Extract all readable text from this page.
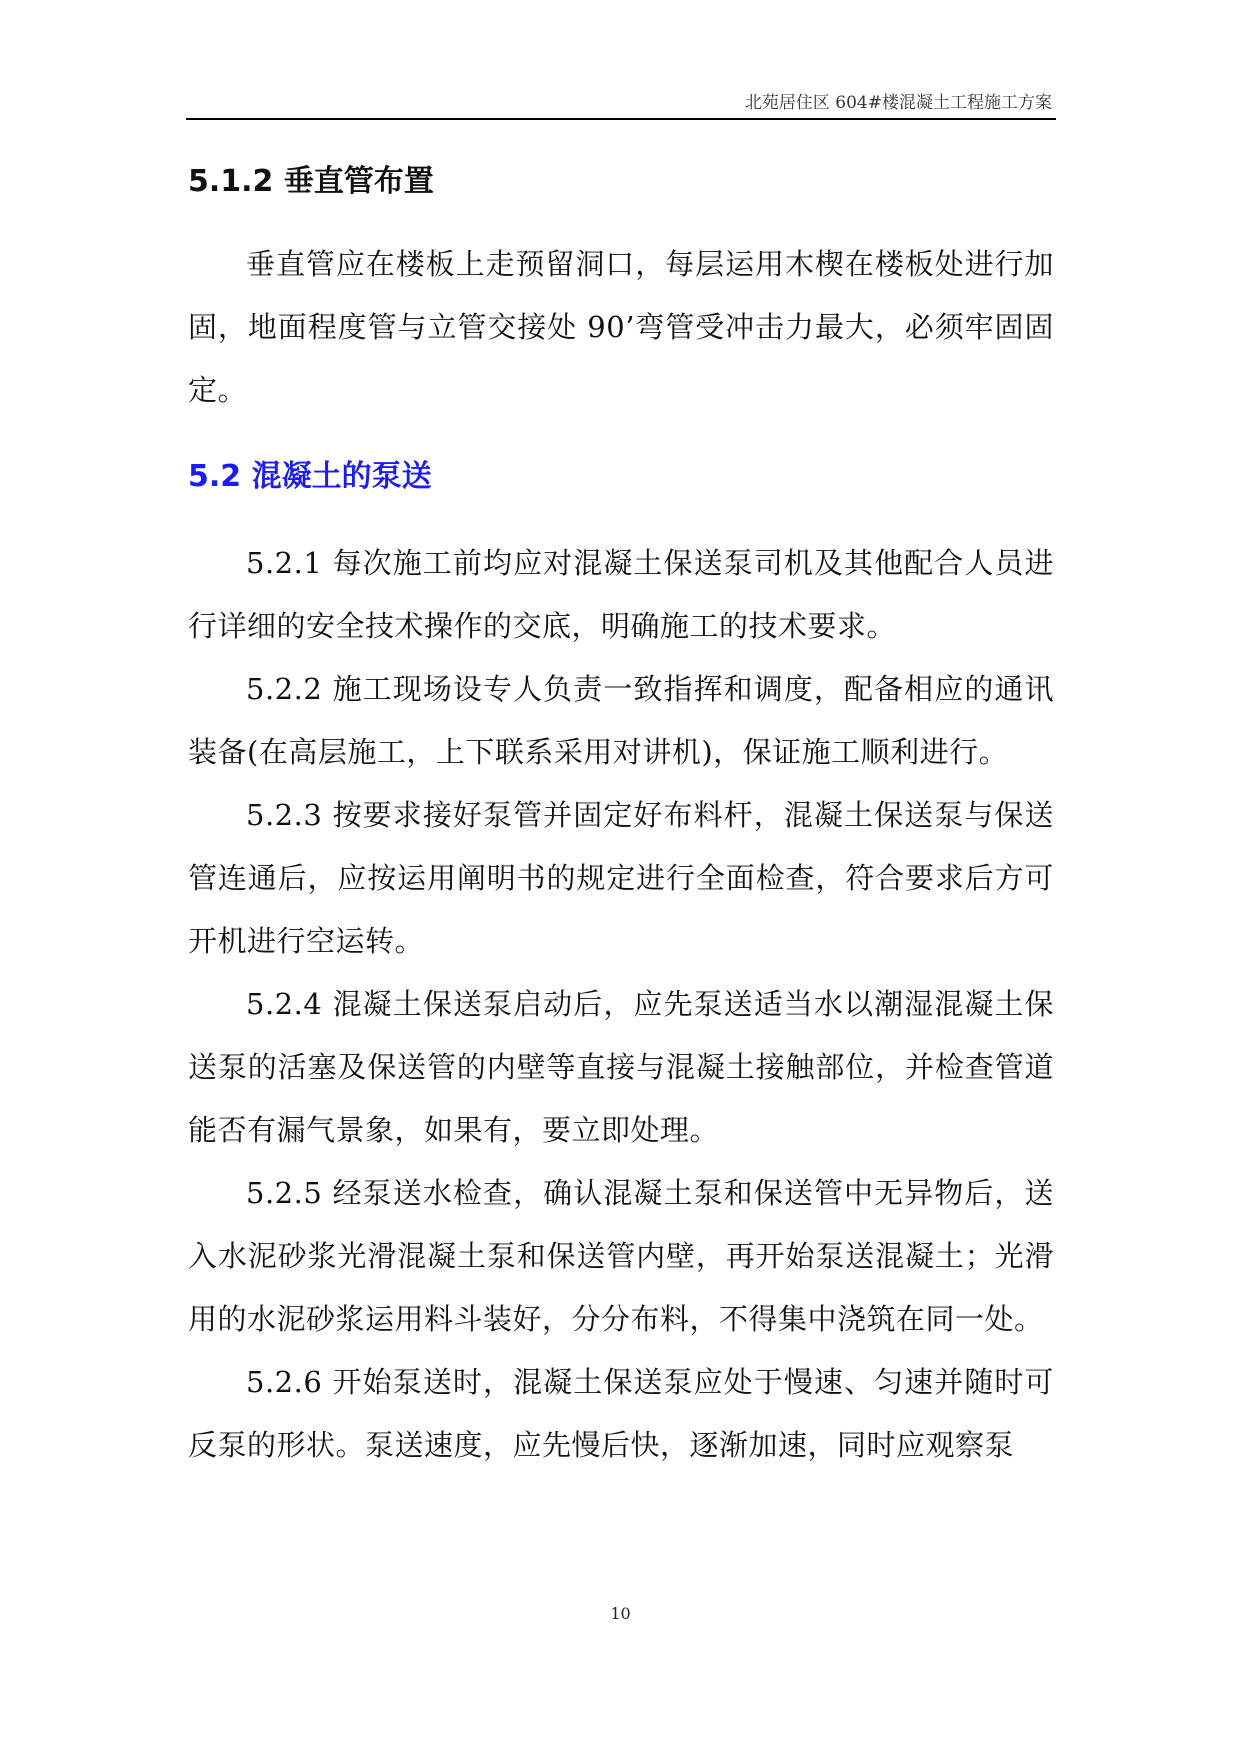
北苑居住区 604#楼混凝土工程施工方案
5.1.2 垂直管布置

垂直管应在楼板上走预留洞口，每层运用木楔在楼板处进行加固，地面程度管与立管交接处 90’弯管受冲击力最大，必须牢固固定。

5.2 混凝土的泵送

5.2.1 每次施工前均应对混凝土保送泵司机及其他配合人员进行详细的安全技术操作的交底，明确施工的技术要求。

5.2.2 施工现场设专人负责一致指挥和调度，配备相应的通讯装备(在高层施工，上下联系采用对讲机)，保证施工顺利进行。

5.2.3 按要求接好泵管并固定好布料杆，混凝土保送泵与保送管连通后，应按运用阐明书的规定进行全面检查，符合要求后方可开机进行空运转。

5.2.4 混凝土保送泵启动后，应先泵送适当水以潮湿混凝土保送泵的活塞及保送管的内壁等直接与混凝土接触部位，并检查管道能否有漏气景象，如果有，要立即处理。

5.2.5 经泵送水检查，确认混凝土泵和保送管中无异物后，送入水泥砂浆光滑混凝土泵和保送管内壁，再开始泵送混凝土；光滑用的水泥砂浆运用料斗装好，分分布料，不得集中浇筑在同一处。

5.2.6 开始泵送时，混凝土保送泵应处于慢速、匀速并随时可反泵的形状。泵送速度，应先慢后快，逐渐加速，同时应观察泵

10
